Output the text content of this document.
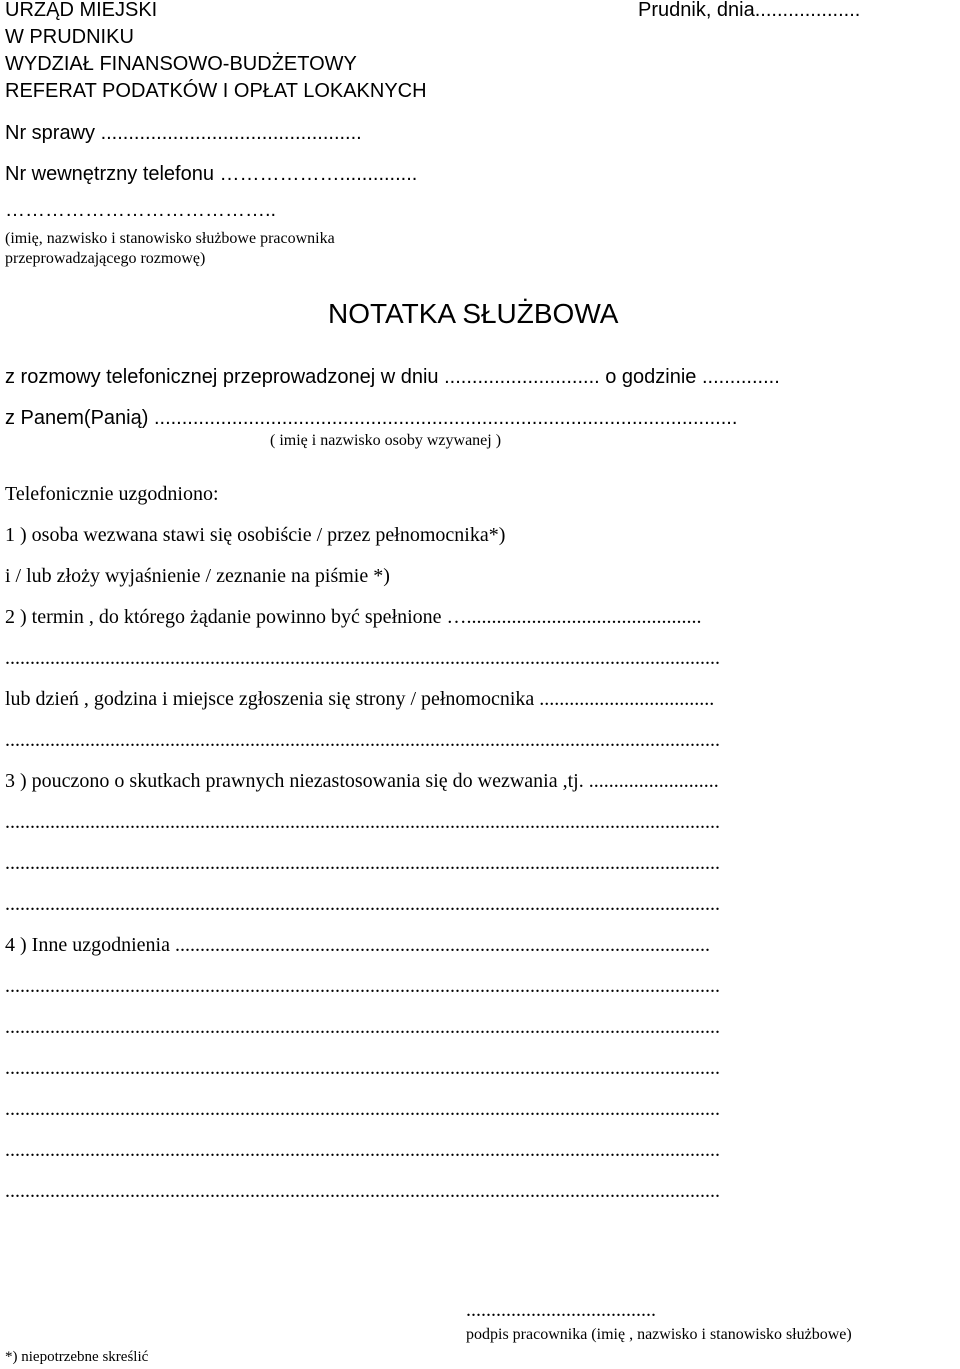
URZĄD MIEJSKI
W PRUDNIKU
WYDZIAŁ FINANSOWO-BUDŻETOWY
REFERAT PODATKÓW I OPŁAT LOKAKNYCH
Prudnik, dnia...................
Nr sprawy ...............................................
Nr wewnętrzny telefonu ………………..............
…………………………………..
(imię, nazwisko i stanowisko służbowe pracownika
przeprowadzającego rozmowę)
NOTATKA SŁUŻBOWA
z rozmowy telefonicznej przeprowadzonej w dniu ............................ o godzinie ..............
z Panem(Panią) .........................................................................................................
( imię i nazwisko osoby wzywanej )
Telefonicznie uzgodniono:
1 ) osoba wezwana stawi się osobiście / przez pełnomocnika*)
i / lub złoży wyjaśnienie / zeznanie na piśmie *)
2 ) termin , do którego żądanie powinno być spełnione …...............................................
...............................................................................................................................................
lub dzień , godzina i miejsce zgłoszenia się strony / pełnomocnika ...................................
...............................................................................................................................................
3 ) pouczono o skutkach prawnych niezastosowania się do wezwania ,tj. ..........................
...............................................................................................................................................
...............................................................................................................................................
...............................................................................................................................................
4 ) Inne uzgodnienia ...........................................................................................................
...............................................................................................................................................
...............................................................................................................................................
...............................................................................................................................................
...............................................................................................................................................
...............................................................................................................................................
...............................................................................................................................................
......................................
podpis pracownika (imię , nazwisko i stanowisko służbowe)
*) niepotrzebne skreślić
